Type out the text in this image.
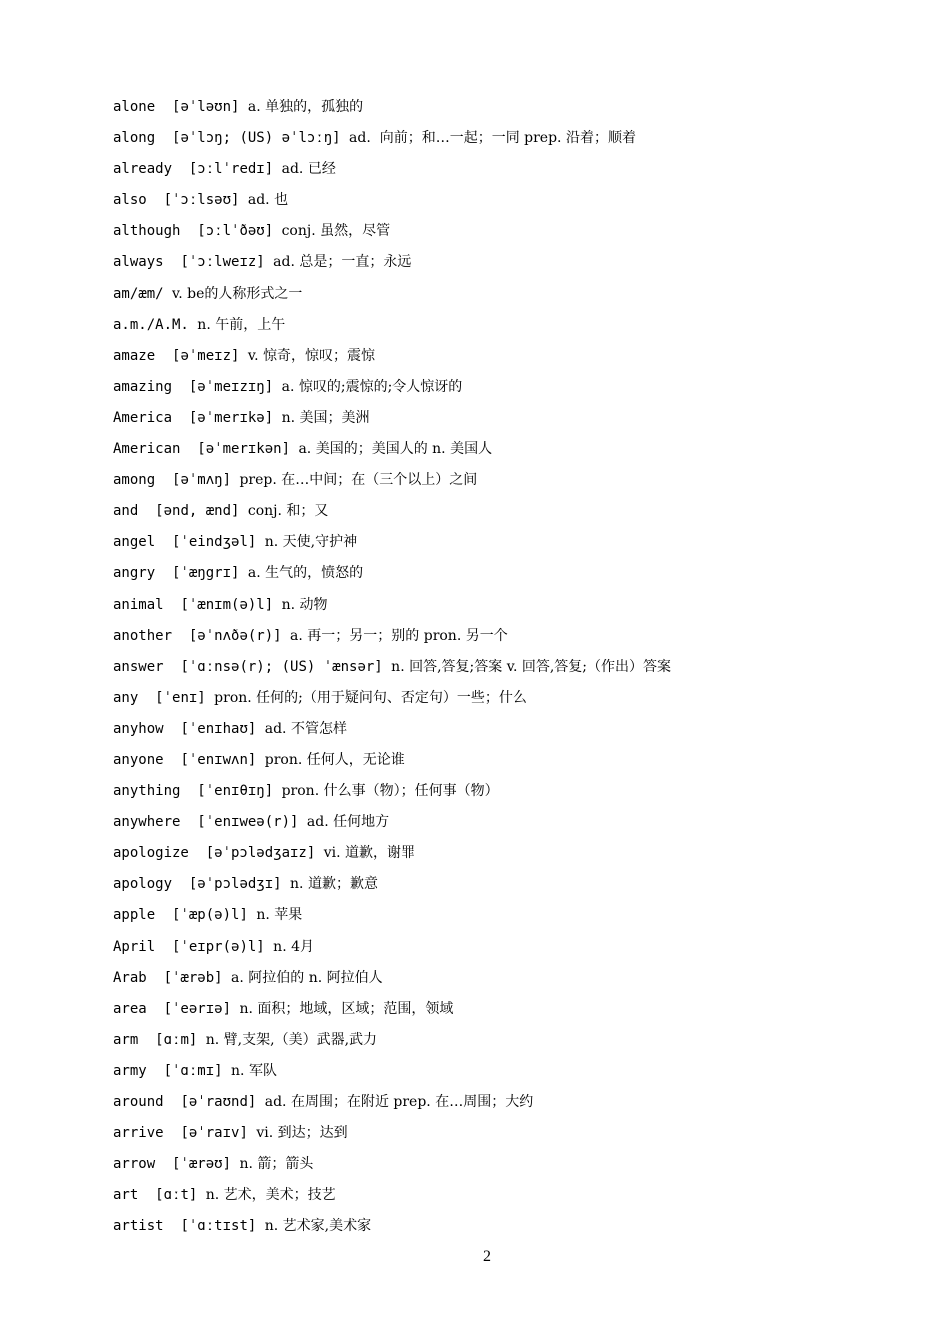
alone [əˈləʊn] a. 单独的，孤独的
along [əˈlɔŋ; (US) əˈlɔːŋ] ad.  向前；和…一起；一同 prep. 沿着；顺着
already [ɔːlˈredɪ] ad. 已经
also [ˈɔːlsəʊ] ad. 也
although [ɔːlˈðəʊ] conj. 虽然，尽管
always [ˈɔːlweɪz] ad. 总是；一直；永远
am/æm/ v. be的人称形式之一
a.m./A.M. n. 午前，上午
amaze [əˈmeɪz] v. 惊奇，惊叹；震惊
amazing [əˈmeɪzɪŋ] a. 惊叹的;震惊的;令人惊讶的
America [əˈmerɪkə] n. 美国；美洲
American [əˈmerɪkən] a. 美国的；美国人的 n. 美国人
among [əˈmʌŋ] prep. 在…中间；在（三个以上）之间
and [ənd, ænd] conj. 和；又
angel [ˈeindʒəl] n. 天使,守护神
angry [ˈæŋgrɪ] a. 生气的，愤怒的
animal [ˈænɪm(ə)l] n. 动物
another [əˈnʌðə(r)] a. 再一；另一；别的 pron. 另一个
answer [ˈɑːnsə(r); (US) ˈænsər] n. 回答,答复;答案 v. 回答,答复;（作出）答案
any [ˈenɪ] pron. 任何的;（用于疑问句、否定句）一些；什么
anyhow [ˈenɪhaʊ] ad. 不管怎样
anyone [ˈenɪwʌn] pron. 任何人，无论谁
anything [ˈenɪθɪŋ] pron. 什么事（物）；任何事（物）
anywhere [ˈenɪweə(r)] ad. 任何地方
apologize [əˈpɔlədʒaɪz] vi. 道歉，谢罪
apology [əˈpɔlədʒɪ] n. 道歉；歉意
apple [ˈæp(ə)l] n. 苹果
April [ˈeɪpr(ə)l] n. 4月
Arab [ˈærəb] a. 阿拉伯的 n. 阿拉伯人
area [ˈeərɪə] n. 面积；地域，区域；范围，领域
arm [ɑːm] n. 臂,支架,（美）武器,武力
army [ˈɑːmɪ] n. 军队
around [əˈraʊnd] ad. 在周围；在附近 prep. 在…周围；大约
arrive [əˈraɪv] vi. 到达；达到
arrow [ˈærəʊ] n. 箭；箭头
art [ɑːt] n. 艺术，美术；技艺
artist [ˈɑːtɪst] n. 艺术家,美术家
2
